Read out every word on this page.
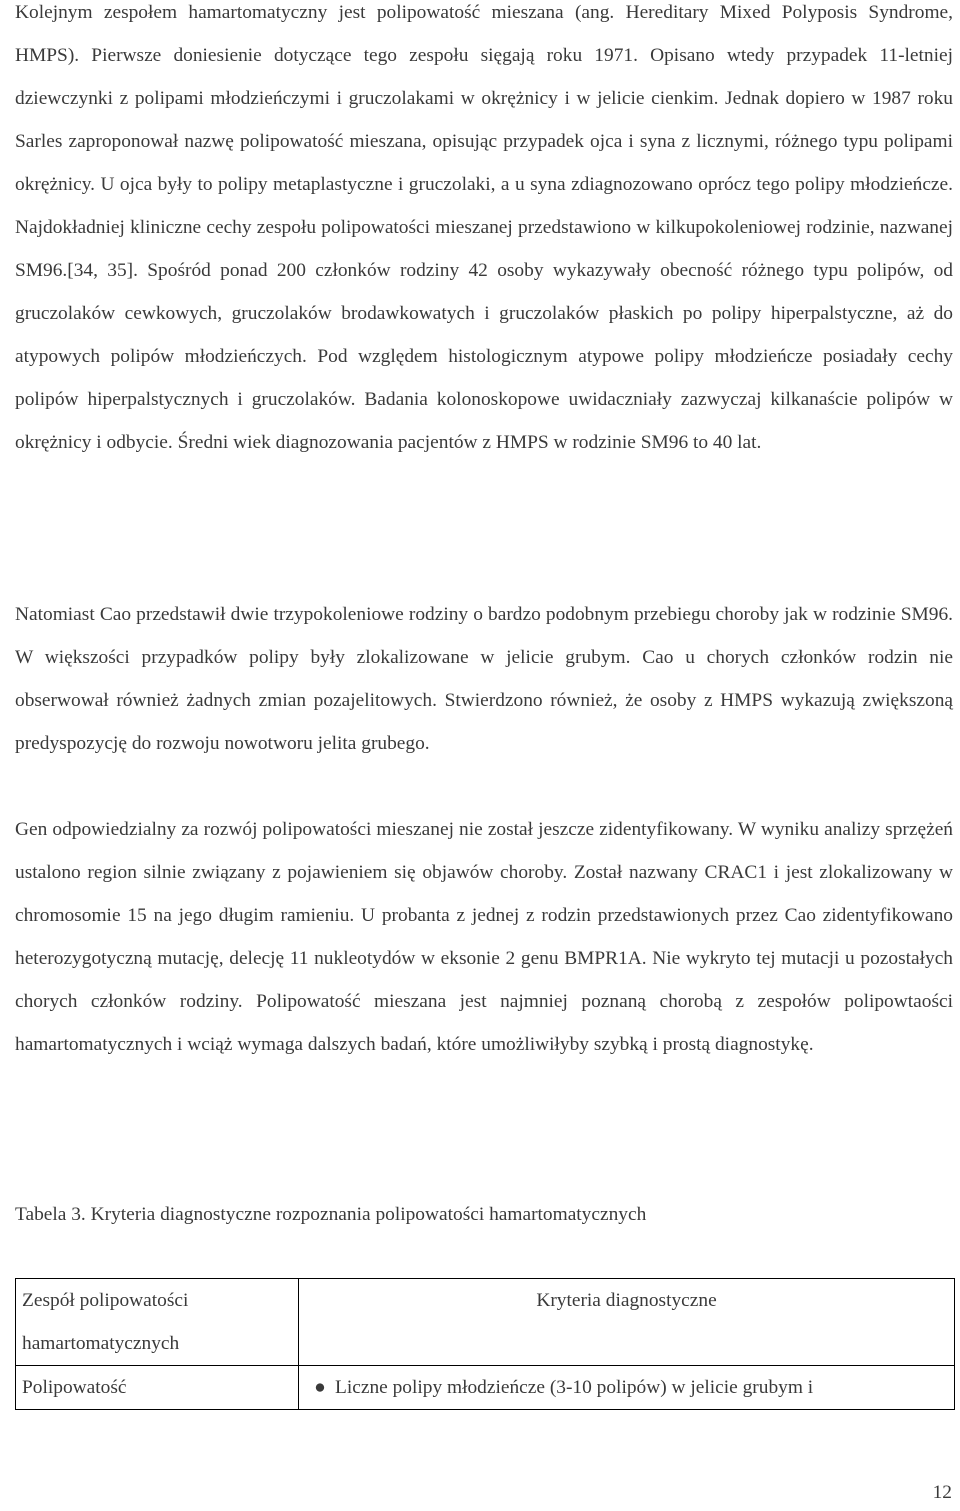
Kolejnym zespołem hamartomatyczny jest polipowatość mieszana (ang. Hereditary Mixed Polyposis Syndrome, HMPS). Pierwsze doniesienie dotyczące tego zespołu sięgają roku 1971. Opisano wtedy przypadek 11-letniej dziewczynki z polipami młodzieńczymi i gruczolakami w okrężnicy i w jelicie cienkim. Jednak dopiero w 1987 roku Sarles zaproponował nazwę polipowatość mieszana, opisując przypadek ojca i syna z licznymi, różnego typu polipami okrężnicy. U ojca były to polipy metaplastyczne i gruczolaki, a u syna zdiagnozowano oprócz tego polipy młodzieńcze. Najdokładniej kliniczne cechy zespołu polipowatości mieszanej przedstawiono w kilkupokoleniowej rodzinie, nazwanej SM96.[34, 35]. Spośród ponad 200 członków rodziny 42 osoby wykazywały obecność różnego typu polipów, od gruczolaków cewkowych, gruczolaków brodawkowatych i gruczolaków płaskich po polipy hiperpalstyczne, aż do atypowych polipów młodzieńczych. Pod względem histologicznym atypowe polipy młodzieńcze posiadały cechy polipów hiperpalstycznych i gruczolaków. Badania kolonoskopowe uwidaczniały zazwyczaj kilkanaście polipów w okrężnicy i odbycie. Średni wiek diagnozowania pacjentów z HMPS w rodzinie SM96 to 40 lat.

Natomiast Cao przedstawił dwie trzypokoleniowe rodziny o bardzo podobnym przebiegu choroby jak w rodzinie SM96. W większości przypadków polipy były zlokalizowane w jelicie grubym. Cao u chorych członków rodzin nie obserwował również żadnych zmian pozajelitowych. Stwierdzono również, że osoby z HMPS wykazują zwiększoną predyspozycję do rozwoju nowotworu jelita grubego.

Gen odpowiedzialny za rozwój polipowatości mieszanej nie został jeszcze zidentyfikowany. W wyniku analizy sprzężeń ustalono region silnie związany z pojawieniem się objawów choroby. Został nazwany CRAC1 i jest zlokalizowany w chromosomie 15 na jego długim ramieniu. U probanta z jednej z rodzin przedstawionych przez Cao zidentyfikowano heterozygotyczną mutację, delecję 11 nukleotydów w eksonie 2 genu BMPR1A. Nie wykryto tej mutacji u pozostałych chorych członków rodziny. Polipowatość mieszana jest najmniej poznaną chorobą z zespołów polipowtaości hamartomatycznych i wciąż wymaga dalszych badań, które umożliwiłyby szybką i prostą diagnostykę.

Tabela 3. Kryteria diagnostyczne rozpoznania polipowatości hamartomatycznych

Zespół polipowatości hamartomatycznych	Kryteria diagnostyczne
Polipowatość	● Liczne polipy młodzieńcze (3-10 polipów) w jelicie grubym i

12
